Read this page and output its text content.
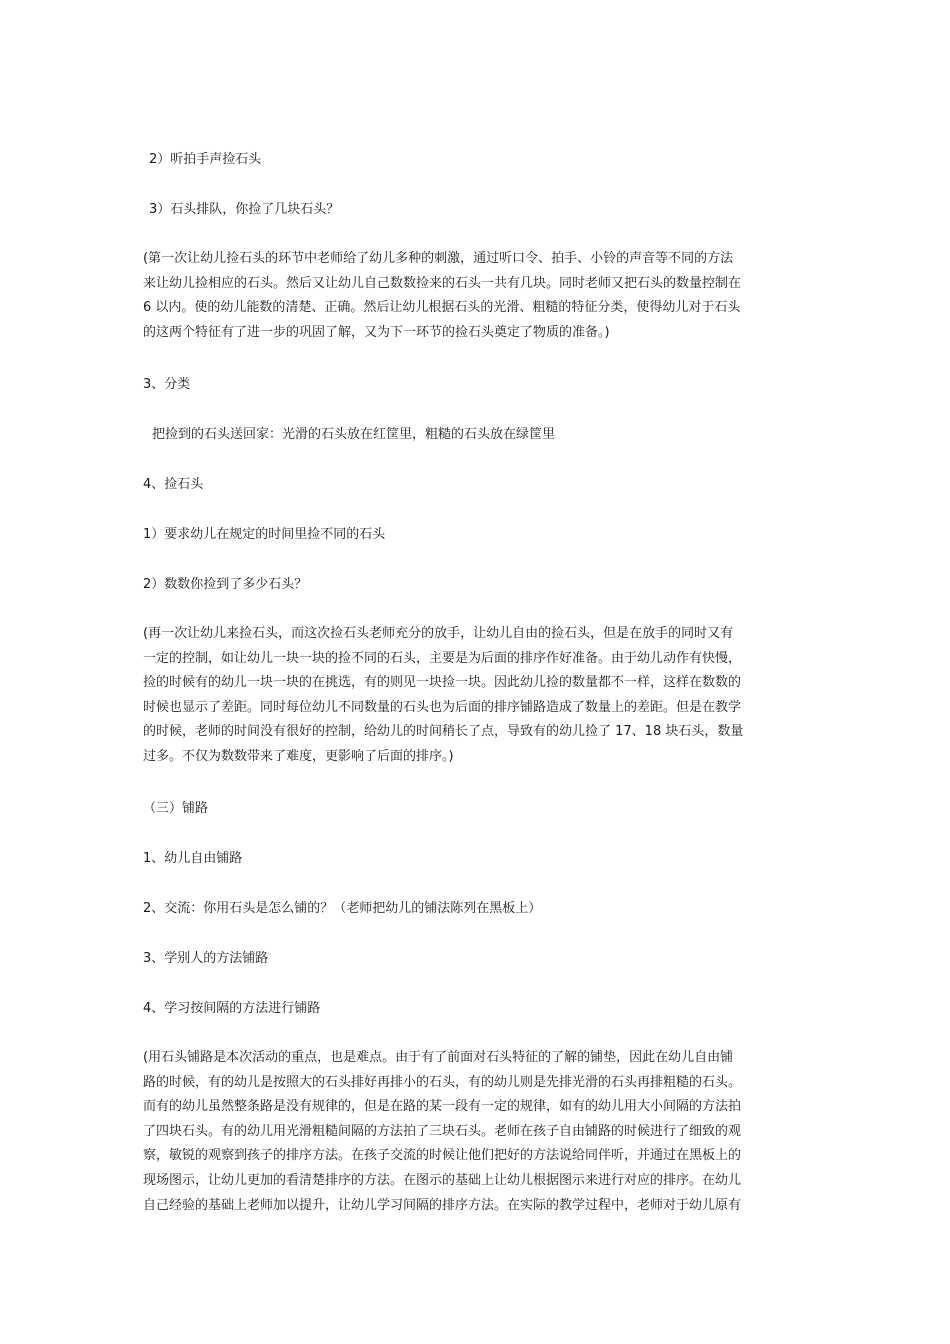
2）听拍手声捡石头

3）石头排队，你捡了几块石头？

(第一次让幼儿捡石头的环节中老师给了幼儿多种的刺激，通过听口令、拍手、小铃的声音等不同的方法
来让幼儿捡相应的石头。然后又让幼儿自己数数捡来的石头一共有几块。同时老师又把石头的数量控制在
6 以内。使的幼儿能数的清楚、正确。然后让幼儿根据石头的光滑、粗糙的特征分类，使得幼儿对于石头
的这两个特征有了进一步的巩固了解，又为下一环节的捡石头奠定了物质的准备。)

3、分类

把捡到的石头送回家：光滑的石头放在红筐里，粗糙的石头放在绿筐里

4、捡石头

1）要求幼儿在规定的时间里捡不同的石头

2）数数你捡到了多少石头？

(再一次让幼儿来捡石头，而这次捡石头老师充分的放手，让幼儿自由的捡石头，但是在放手的同时又有
一定的控制，如让幼儿一块一块的捡不同的石头，主要是为后面的排序作好准备。由于幼儿动作有快慢，
捡的时候有的幼儿一块一块的在挑选，有的则见一块捡一块。因此幼儿捡的数量都不一样，这样在数数的
时候也显示了差距。同时每位幼儿不同数量的石头也为后面的排序铺路造成了数量上的差距。但是在教学
的时候，老师的时间没有很好的控制，给幼儿的时间稍长了点，导致有的幼儿捡了 17、18 块石头，数量
过多。不仅为数数带来了难度，更影响了后面的排序。)

（三）铺路

1、幼儿自由铺路

2、交流：你用石头是怎么铺的？（老师把幼儿的铺法陈列在黑板上）

3、学别人的方法铺路

4、学习按间隔的方法进行铺路

(用石头铺路是本次活动的重点，也是难点。由于有了前面对石头特征的了解的铺垫，因此在幼儿自由铺
路的时候，有的幼儿是按照大的石头排好再排小的石头，有的幼儿则是先排光滑的石头再排粗糙的石头。
而有的幼儿虽然整条路是没有规律的，但是在路的某一段有一定的规律，如有的幼儿用大小间隔的方法拍
了四块石头。有的幼儿用光滑粗糙间隔的方法拍了三块石头。老师在孩子自由铺路的时候进行了细致的观
察，敏锐的观察到孩子的排序方法。在孩子交流的时候让他们把好的方法说给同伴听，并通过在黑板上的
现场图示，让幼儿更加的看清楚排序的方法。在图示的基础上让幼儿根据图示来进行对应的排序。在幼儿
自己经验的基础上老师加以提升，让幼儿学习间隔的排序方法。在实际的教学过程中，老师对于幼儿原有
